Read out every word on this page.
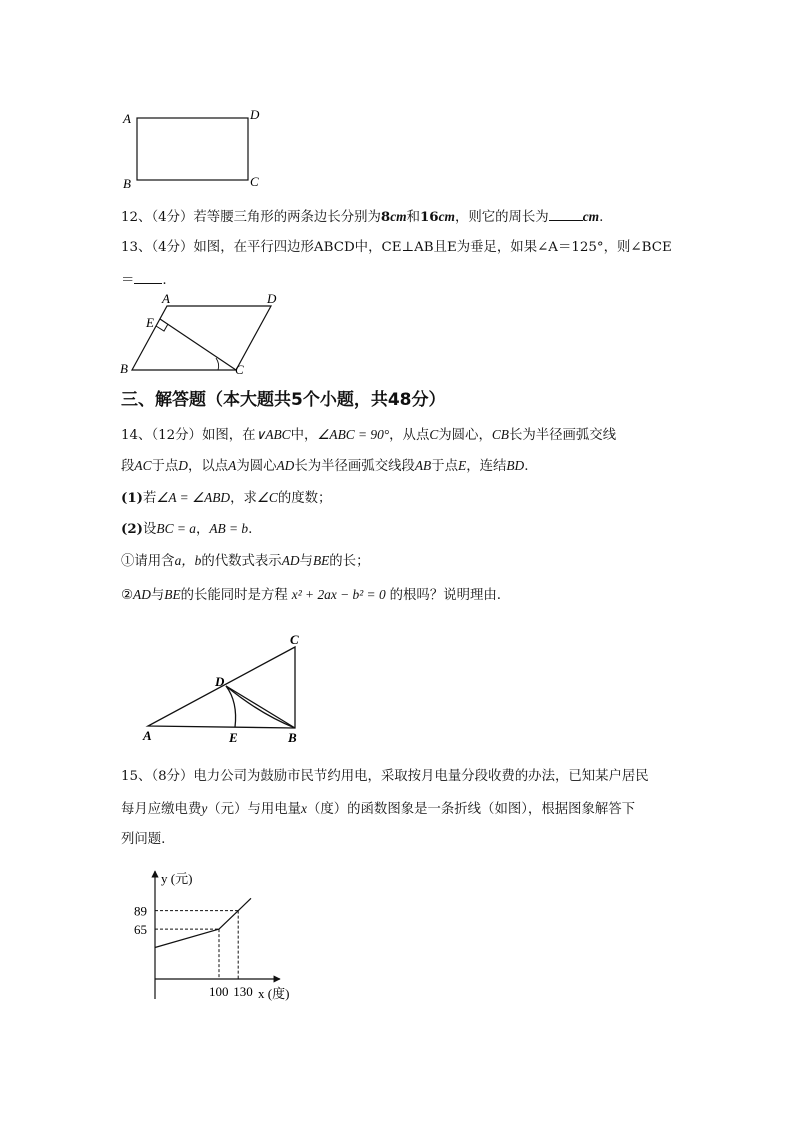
A	D
B	C
12、（4分）若等腰三角形的两条边长分别为8cm和16cm，则它的周长为	cm.
13、（4分）如图，在平行四边形ABCD中，CE⊥AB且E为垂足，如果∠A＝125°，则∠BCE
＝ .
A	D
E
B	C
三、解答题（本大题共5个小题，共48分）
14、（12分）如图，在∨ABC中，∠ABC = 90°，从点C为圆心，CB长为半径画弧交线
段AC于点D，以点A为圆心AD长为半径画弧交线段AB于点E，连结BD.
(1)若∠A = ∠ABD，求∠C的度数；
(2)设BC = a，AB = b.
①请用含a，b的代数式表示AD与BE的长；
②AD与BE的长能同时是方程 x² + 2ax − b² = 0 的根吗？说明理由.
C
D
A	E	B
15、（8分）电力公司为鼓励市民节约用电，采取按月电量分段收费的办法，已知某户居民
每月应缴电费y（元）与用电量x（度）的函数图象是一条折线（如图），根据图象解答下
列问题.
100 130
65
89
y (元)
x (度)
